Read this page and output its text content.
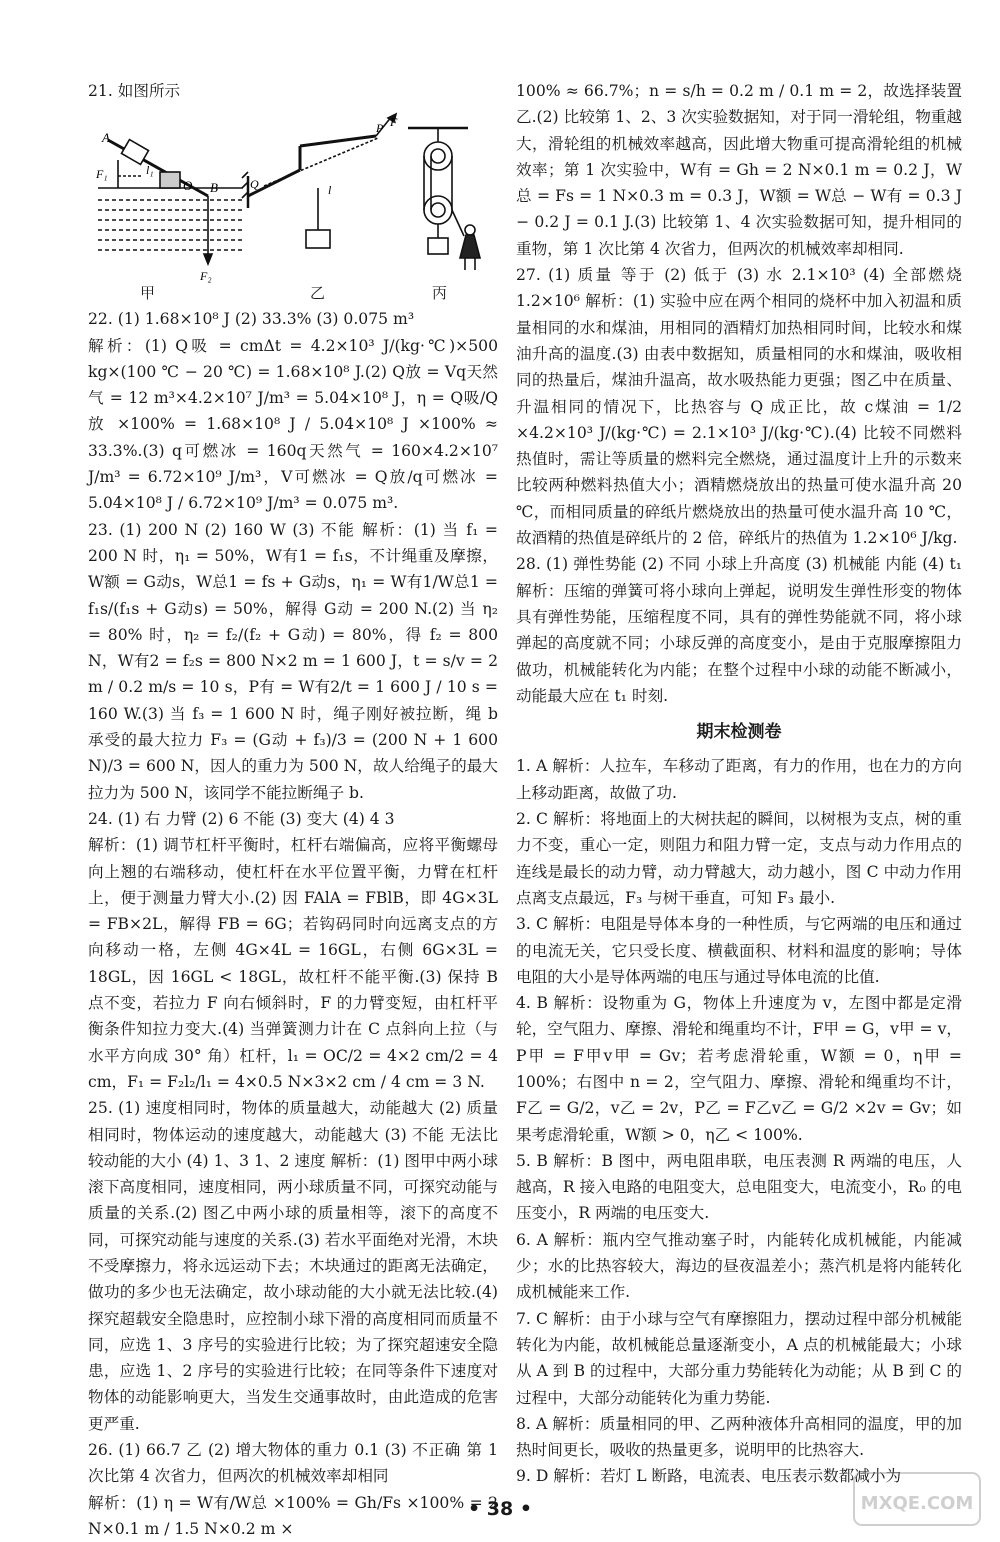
21. 如图所示

A
O B
F₁
F₂
l₁
P F
Q	l
甲	乙	丙

22. (1) 1.68×10⁸ J (2) 33.3% (3) 0.075 m³

解析：(1) Q吸 = cmΔt = 4.2×10³ J/(kg·℃)×500 kg×(100 ℃ − 20 ℃) = 1.68×10⁸ J.(2) Q放 = Vq天然气 = 12 m³×4.2×10⁷ J/m³ = 5.04×10⁸ J，η = Q吸/Q放 ×100% = 1.68×10⁸ J / 5.04×10⁸ J ×100% ≈ 33.3%.(3) q可燃冰 = 160q天然气 = 160×4.2×10⁷ J/m³ = 6.72×10⁹ J/m³，V可燃冰 = Q放/q可燃冰 = 5.04×10⁸ J / 6.72×10⁹ J/m³ = 0.075 m³.

23. (1) 200 N (2) 160 W (3) 不能 解析：(1) 当 f₁ = 200 N 时，η₁ = 50%，W有1 = f₁s，不计绳重及摩擦，W额 = G动s，W总1 = fs + G动s，η₁ = W有1/W总1 = f₁s/(f₁s + G动s) = 50%，解得 G动 = 200 N.(2) 当 η₂ = 80% 时，η₂ = f₂/(f₂ + G动) = 80%，得 f₂ = 800 N，W有2 = f₂s = 800 N×2 m = 1 600 J，t = s/v = 2 m / 0.2 m/s = 10 s，P有 = W有2/t = 1 600 J / 10 s = 160 W.(3) 当 f₃ = 1 600 N 时，绳子刚好被拉断，绳 b 承受的最大拉力 F₃ = (G动 + f₃)/3 = (200 N + 1 600 N)/3 = 600 N，因人的重力为 500 N，故人给绳子的最大拉力为 500 N，该同学不能拉断绳子 b.

24. (1) 右 力臂 (2) 6 不能 (3) 变大 (4) 4 3

解析：(1) 调节杠杆平衡时，杠杆右端偏高，应将平衡螺母向上翘的右端移动，使杠杆在水平位置平衡，力臂在杠杆上，便于测量力臂大小.(2) 因 FAlA = FBlB，即 4G×3L = FB×2L，解得 FB = 6G；若钩码同时向远离支点的方向移动一格，左侧 4G×4L = 16GL，右侧 6G×3L = 18GL，因 16GL < 18GL，故杠杆不能平衡.(3) 保持 B 点不变，若拉力 F 向右倾斜时，F 的力臂变短，由杠杆平衡条件知拉力变大.(4) 当弹簧测力计在 C 点斜向上拉（与水平方向成 30° 角）杠杆，l₁ = OC/2 = 4×2 cm/2 = 4 cm，F₁ = F₂l₂/l₁ = 4×0.5 N×3×2 cm / 4 cm = 3 N.

25. (1) 速度相同时，物体的质量越大，动能越大 (2) 质量相同时，物体运动的速度越大，动能越大 (3) 不能 无法比较动能的大小 (4) 1、3 1、2 速度 解析：(1) 图甲中两小球滚下高度相同，速度相同，两小球质量不同，可探究动能与质量的关系.(2) 图乙中两小球的质量相等，滚下的高度不同，可探究动能与速度的关系.(3) 若水平面绝对光滑，木块不受摩擦力，将永远运动下去；木块通过的距离无法确定，做功的多少也无法确定，故小球动能的大小就无法比较.(4) 探究超载安全隐患时，应控制小球下滑的高度相同而质量不同，应选 1、3 序号的实验进行比较；为了探究超速安全隐患，应选 1、2 序号的实验进行比较；在同等条件下速度对物体的动能影响更大，当发生交通事故时，由此造成的危害更严重.

26. (1) 66.7 乙 (2) 增大物体的重力 0.1 (3) 不正确 第 1 次比第 4 次省力，但两次的机械效率却相同

解析：(1) η = W有/W总 ×100% = Gh/Fs ×100% = 2 N×0.1 m / 1.5 N×0.2 m ×

100% ≈ 66.7%；n = s/h = 0.2 m / 0.1 m = 2，故选择装置乙.(2) 比较第 1、2、3 次实验数据知，对于同一滑轮组，物重越大，滑轮组的机械效率越高，因此增大物重可提高滑轮组的机械效率；第 1 次实验中，W有 = Gh = 2 N×0.1 m = 0.2 J，W总 = Fs = 1 N×0.3 m = 0.3 J，W额 = W总 − W有 = 0.3 J − 0.2 J = 0.1 J.(3) 比较第 1、4 次实验数据可知，提升相同的重物，第 1 次比第 4 次省力，但两次的机械效率却相同.

27. (1) 质量 等于 (2) 低于 (3) 水 2.1×10³ (4) 全部燃烧 1.2×10⁶ 解析：(1) 实验中应在两个相同的烧杯中加入初温和质量相同的水和煤油，用相同的酒精灯加热相同时间，比较水和煤油升高的温度.(3) 由表中数据知，质量相同的水和煤油，吸收相同的热量后，煤油升温高，故水吸热能力更强；图乙中在质量、升温相同的情况下，比热容与 Q 成正比，故 c煤油 = 1/2 ×4.2×10³ J/(kg·℃) = 2.1×10³ J/(kg·℃).(4) 比较不同燃料热值时，需让等质量的燃料完全燃烧，通过温度计上升的示数来比较两种燃料热值大小；酒精燃烧放出的热量可使水温升高 20 ℃，而相同质量的碎纸片燃烧放出的热量可使水温升高 10 ℃，故酒精的热值是碎纸片的 2 倍，碎纸片的热值为 1.2×10⁶ J/kg.

28. (1) 弹性势能 (2) 不同 小球上升高度 (3) 机械能 内能 (4) t₁ 解析：压缩的弹簧可将小球向上弹起，说明发生弹性形变的物体具有弹性势能，压缩程度不同，具有的弹性势能就不同，将小球弹起的高度就不同；小球反弹的高度变小，是由于克服摩擦阻力做功，机械能转化为内能；在整个过程中小球的动能不断减小，动能最大应在 t₁ 时刻.

期末检测卷

1. A 解析：人拉车，车移动了距离，有力的作用，也在力的方向上移动距离，故做了功.

2. C 解析：将地面上的大树扶起的瞬间，以树根为支点，树的重力不变，重心一定，则阻力和阻力臂一定，支点与动力作用点的连线是最长的动力臂，动力臂越大，动力越小，图 C 中动力作用点离支点最远，F₃ 与树干垂直，可知 F₃ 最小.

3. C 解析：电阻是导体本身的一种性质，与它两端的电压和通过的电流无关，它只受长度、横截面积、材料和温度的影响；导体电阻的大小是导体两端的电压与通过导体电流的比值.

4. B 解析：设物重为 G，物体上升速度为 v，左图中都是定滑轮，空气阻力、摩擦、滑轮和绳重均不计，F甲 = G，v甲 = v，P甲 = F甲v甲 = Gv；若考虑滑轮重，W额 = 0，η甲 = 100%；右图中 n = 2，空气阻力、摩擦、滑轮和绳重均不计，F乙 = G/2，v乙 = 2v，P乙 = F乙v乙 = G/2 ×2v = Gv；如果考虑滑轮重，W额 > 0，η乙 < 100%.

5. B 解析：B 图中，两电阻串联，电压表测 R 两端的电压，人越高，R 接入电路的电阻变大，总电阻变大，电流变小，R₀ 的电压变小，R 两端的电压变大.

6. A 解析：瓶内空气推动塞子时，内能转化成机械能，内能减少；水的比热容较大，海边的昼夜温差小；蒸汽机是将内能转化成机械能来工作.

7. C 解析：由于小球与空气有摩擦阻力，摆动过程中部分机械能转化为内能，故机械能总量逐渐变小，A 点的机械能最大；小球从 A 到 B 的过程中，大部分重力势能转化为动能；从 B 到 C 的过程中，大部分动能转化为重力势能.

8. A 解析：质量相同的甲、乙两种液体升高相同的温度，甲的加热时间更长，吸收的热量更多，说明甲的比热容大.

9. D 解析：若灯 L 断路，电流表、电压表示数都减小为

• 38 •	MXQE.COM
